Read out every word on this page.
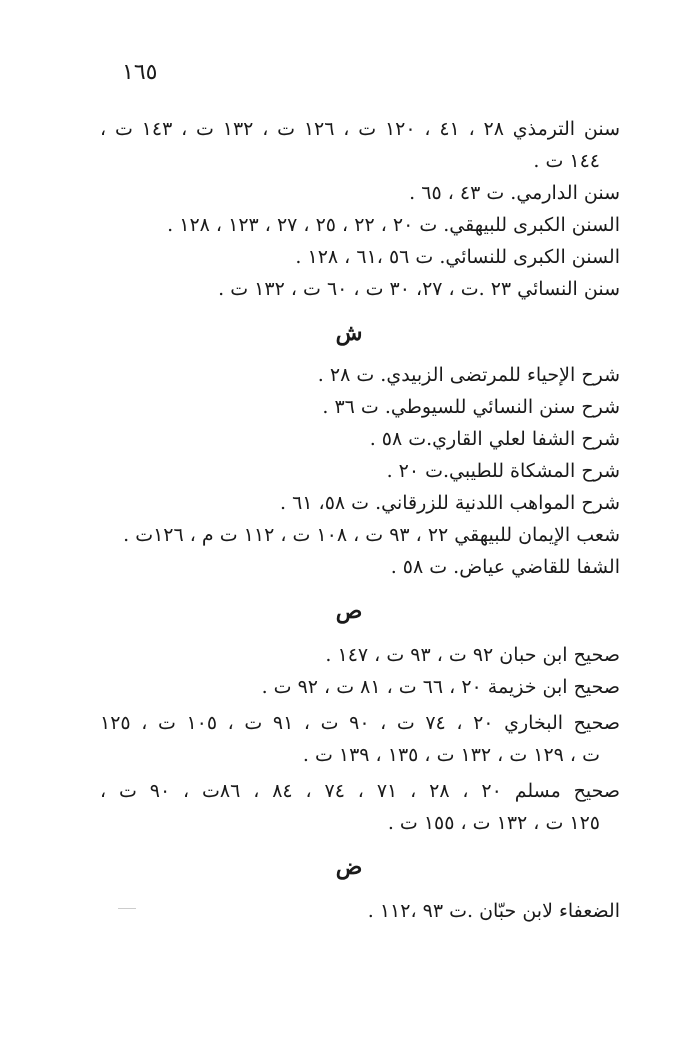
١٦٥
سنن الترمذي ٢٨ ، ٤١ ، ١٢٠ ت ، ١٢٦ ت ، ١٣٢ ت ، ١٤٣ ت ،
١٤٤ ت .
سنن الدارمي. ت ٤٣ ، ٦٥ .
السنن الكبرى للبيهقي. ت ٢٠ ، ٢٢ ، ٢٥ ، ٢٧ ، ١٢٣ ، ١٢٨ .
السنن الكبرى للنسائي. ت ٥٦ ،٦١ ، ١٢٨ .
سنن النسائي ٢٣ .ت ، ٢٧، ٣٠ ت ، ٦٠ ت ، ١٣٢ ت .
ش
شرح الإحياء للمرتضى الزبيدي. ت ٢٨ .
شرح سنن النسائي للسيوطي. ت ٣٦ .
شرح الشفا لعلي القاري.ت ٥٨ .
شرح المشكاة للطيبي.ت ٢٠ .
شرح المواهب اللدنية للزرقاني. ت ٥٨، ٦١ .
شعب الإيمان للبيهقي ٢٢ ، ٩٣ ت ، ١٠٨ ت ، ١١٢ ت م ، ١٢٦ت .
الشفا للقاضي عياض. ت ٥٨ .
ص
صحيح ابن حبان ٩٢ ت ، ٩٣ ت ، ١٤٧ .
صحيح ابن خزيمة ٢٠ ، ٦٦ ت ، ٨١ ت ، ٩٢ ت .
صحيح البخاري ٢٠ ، ٧٤ ت ، ٩٠ ت ، ٩١ ت ، ١٠٥ ت ، ١٢٥
ت ، ١٢٩ ت ، ١٣٢ ت ، ١٣٥ ، ١٣٩ ت .
صحيح مسلم ٢٠ ، ٢٨ ، ٧١ ، ٧٤ ، ٨٤ ، ٨٦ت ، ٩٠ ت ،
١٢٥ ت ، ١٣٢ ت ، ١٥٥ ت .
ض
الضعفاء لابن حبّان .ت ٩٣ ،١١٢ .
